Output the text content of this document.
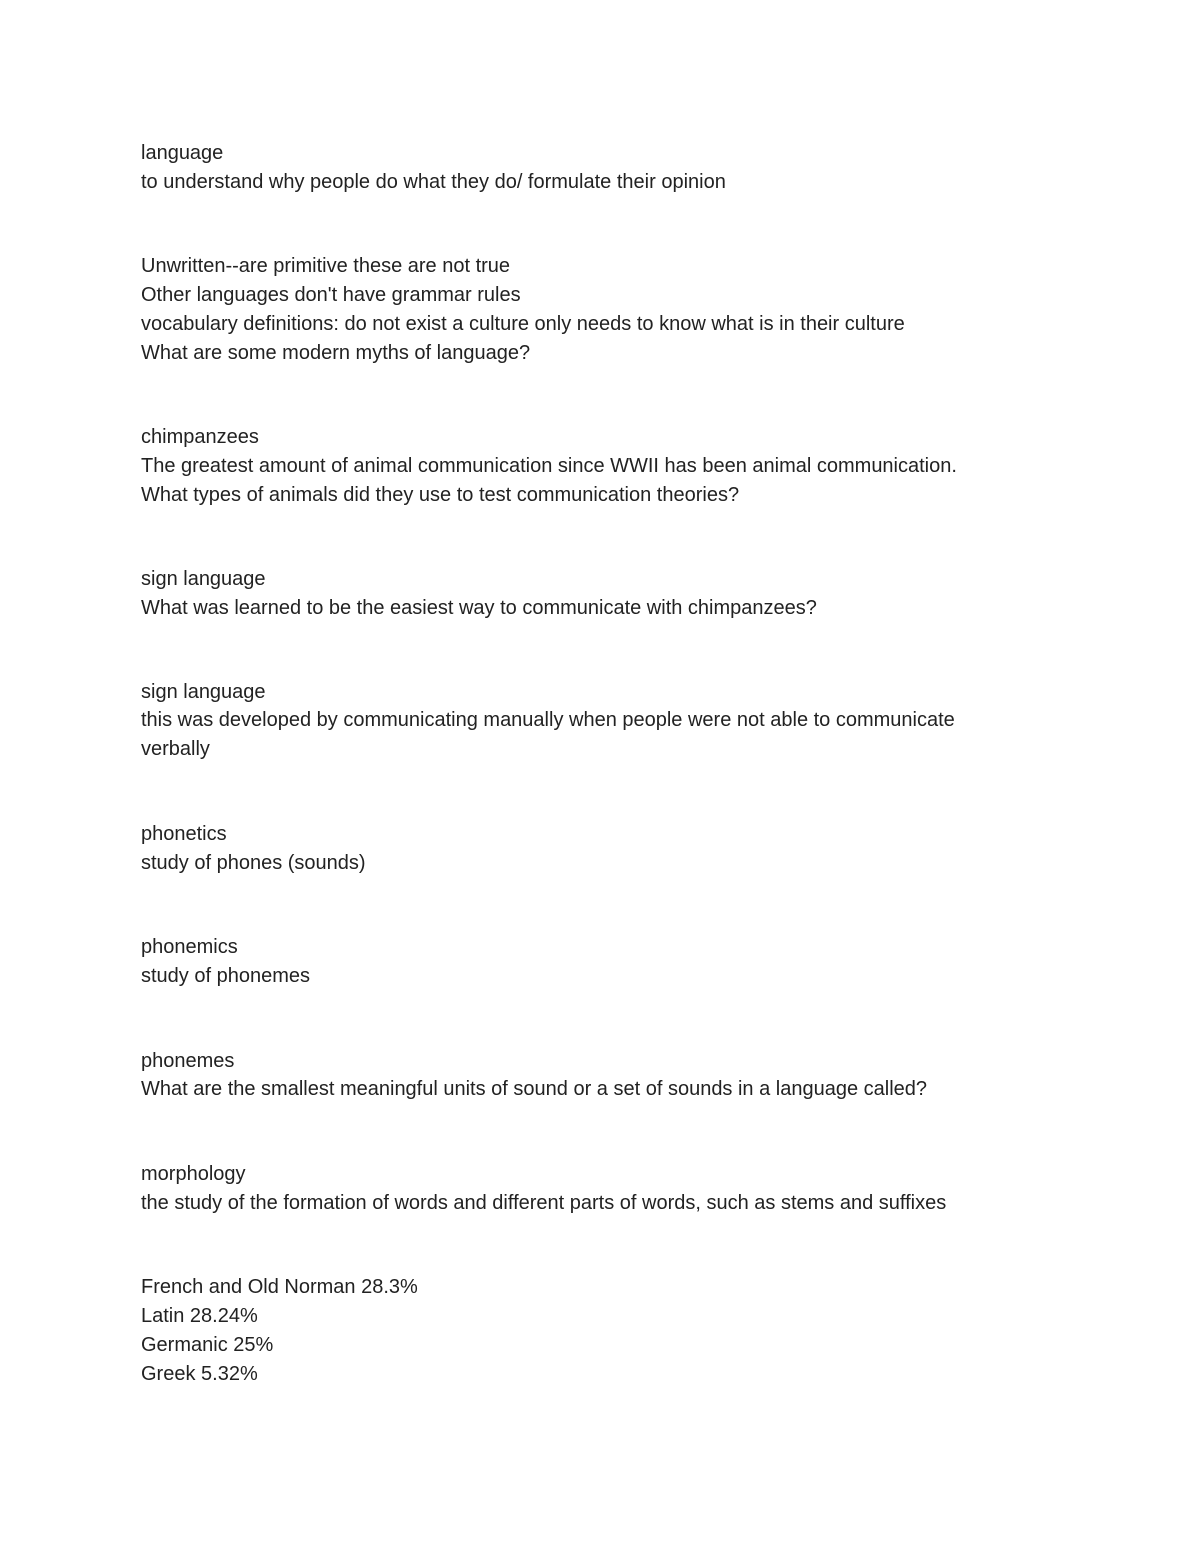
language
to understand why people do what they do/ formulate their opinion
Unwritten--are primitive these are not true
Other languages don't have grammar rules
vocabulary definitions: do not exist a culture only needs to know what is in their culture
What are some modern myths of language?
chimpanzees
The greatest amount of animal communication since WWII has been animal communication.
What types of animals did they use to test communication theories?
sign language
What was learned to be the easiest way to communicate with chimpanzees?
sign language
this was developed by communicating manually when people were not able to communicate
verbally
phonetics
study of phones (sounds)
phonemics
study of phonemes
phonemes
What are the smallest meaningful units of sound or a set of sounds in a language called?
morphology
the study of the formation of words and different parts of words, such as stems and suffixes
French and Old Norman 28.3%
Latin 28.24%
Germanic 25%
Greek 5.32%
